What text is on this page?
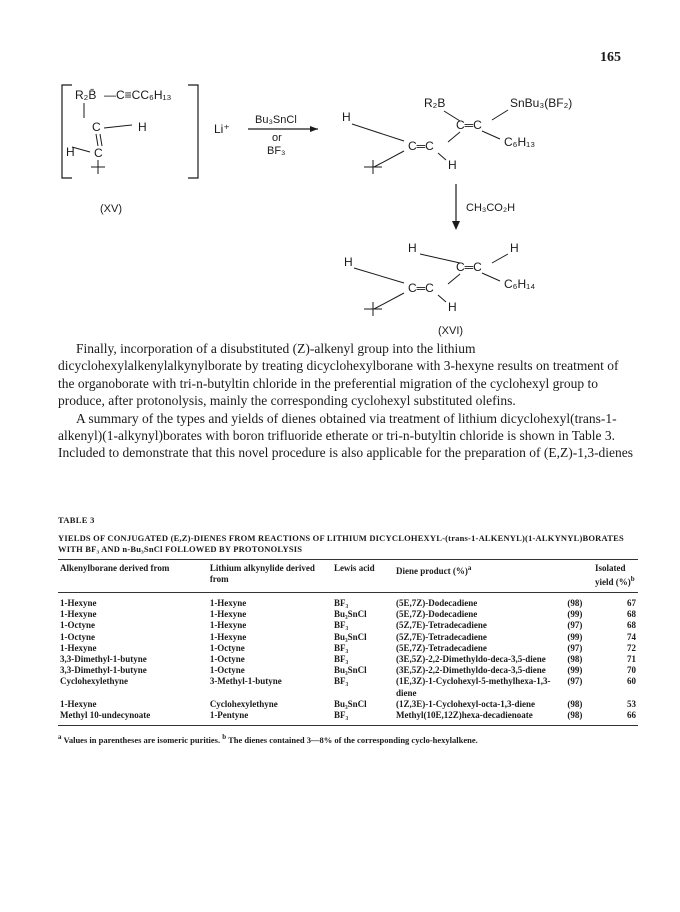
165
R₂B̄ —C≡CC₆H₁₃
C	H
C
H
(XV)
Li⁺
Bu₃SnCl
or
BF₃
R₂B	SnBu₃(BF₂)
C═C
C₆H₁₃
C═C
H
H
CH₃CO₂H
H	H
C═C
C₆H₁₄
C═C
H
H
(XVI)

Finally, incorporation of a disubstituted (Z)-alkenyl group into the lithium dicyclohexylalkenylalkynylborate by treating dicyclohexylborane with 3-hexyne results on treatment of the organoborate with tri-n-butyltin chloride in the preferential migration of the cyclohexyl group to produce, after protonolysis, mainly the corresponding cyclohexyl substituted olefins.

A summary of the types and yields of dienes obtained via treatment of lithium dicyclohexyl(trans-1-alkenyl)(1-alkynyl)borates with boron trifluoride etherate or tri-n-butyltin chloride is shown in Table 3. Included to demonstrate that this novel procedure is also applicable for the preparation of (E,Z)-1,3-dienes

TABLE 3
YIELDS OF CONJUGATED (E,Z)-DIENES FROM REACTIONS OF LITHIUM DICYCLOHEXYL-(trans-1-ALKENYL)(1-ALKYNYL)BORATES WITH BF₃ AND n-Bu₃SnCl FOLLOWED BY PROTONOLYSIS
Alkenylborane derived from	Lithium alkynylide derived from	Lewis acid	Diene product (%)$^a$		Isolated yield (%)$^b$
1-Hexyne	1-Hexyne	BF₃	(5E,7Z)-Dodecadiene	(98)	67
1-Hexyne	1-Hexyne	Bu₃SnCl	(5E,7Z)-Dodecadiene	(99)	68
1-Octyne	1-Hexyne	BF₃	(5Z,7E)-Tetradecadiene	(97)	68
1-Octyne	1-Hexyne	Bu₃SnCl	(5Z,7E)-Tetradecadiene	(99)	74
1-Hexyne	1-Octyne	BF₃	(5E,7Z)-Tetradecadiene	(97)	72
3,3-Dimethyl-1-butyne	1-Octyne	BF₃	(3E,5Z)-2,2-Dimethyldo-deca-3,5-diene	(98)	71
3,3-Dimethyl-1-butyne	1-Octyne	Bu₃SnCl	(3E,5Z)-2,2-Dimethyldo-deca-3,5-diene	(99)	70
Cyclohexylethyne	3-Methyl-1-butyne	BF₃	(1E,3Z)-1-Cyclohexyl-5-methylhexa-1,3-diene	(97)	60
1-Hexyne	Cyclohexylethyne	Bu₃SnCl	(1Z,3E)-1-Cyclohexyl-octa-1,3-diene	(98)	53
Methyl 10-undecynoate	1-Pentyne	BF₃	Methyl(10E,12Z)hexa-decadienoate	(98)	66
$^a$ Values in parentheses are isomeric purities. $^b$ The dienes contained 3—8% of the corresponding cyclo-hexylalkene.
